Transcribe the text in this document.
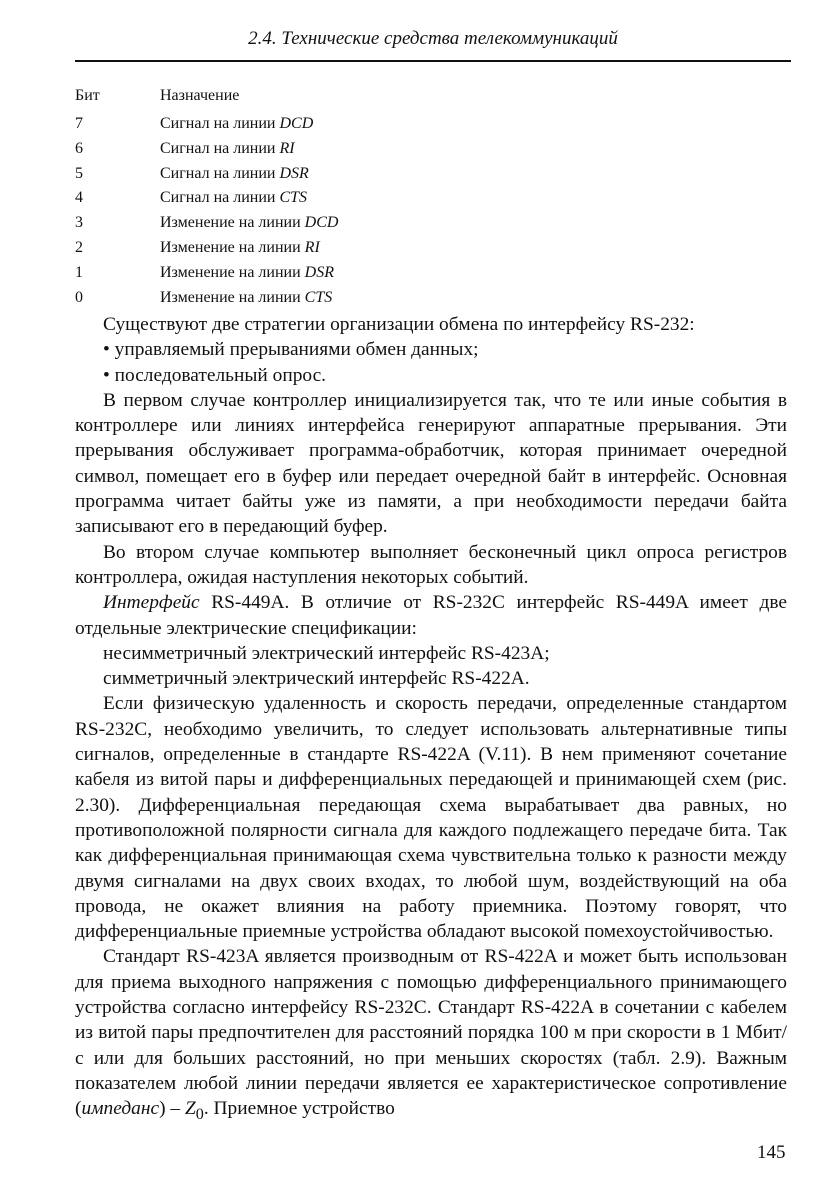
2.4. Технические средства телекоммуникаций
Бит	Назначение
7	Сигнал на линии DCD
6	Сигнал на линии RI
5	Сигнал на линии DSR
4	Сигнал на линии CTS
3	Изменение на линии DCD
2	Изменение на линии RI
1	Изменение на линии DSR
0	Изменение на линии CTS

Существуют две стратегии организации обмена по интерфейсу RS-232:

• управляемый прерываниями обмен данных;

• последовательный опрос.

В первом случае контроллер инициализируется так, что те или иные события в контроллере или линиях интерфейса генерируют аппаратные прерывания. Эти прерывания обслуживает программа-обработчик, которая принимает очередной символ, помещает его в буфер или передает очередной байт в интерфейс. Основная программа читает байты уже из памяти, а при необходимости передачи байта записывают его в передающий буфер.

Во втором случае компьютер выполняет бесконечный цикл опроса регистров контроллера, ожидая наступления некоторых событий.

Интерфейс RS-449A. В отличие от RS-232C интерфейс RS-449A имеет две отдельные электрические спецификации:

несимметричный электрический интерфейс RS-423A;

симметричный электрический интерфейс RS-422A.

Если физическую удаленность и скорость передачи, определенные стандартом RS-232C, необходимо увеличить, то следует использовать альтернативные типы сигналов, определенные в стандарте RS-422A (V.11). В нем применяют сочетание кабеля из витой пары и дифференциальных передающей и принимающей схем (рис. 2.30). Дифференциальная передающая схема вырабатывает два равных, но противоположной полярности сигнала для каждого подлежащего передаче бита. Так как дифференциальная принимающая схема чувствительна только к разности между двумя сигналами на двух своих входах, то любой шум, воздействующий на оба провода, не окажет влияния на работу приемника. Поэтому говорят, что дифференциальные приемные устройства обладают высокой помехоустойчивостью.

Стандарт RS-423A является производным от RS-422A и может быть использован для приема выходного напряжения с помощью дифференциального принимающего устройства согласно интерфейсу RS-232C. Стандарт RS-422A в сочетании с кабелем из витой пары предпочтителен для расстояний порядка 100 м при скорости в 1 Мбит/с или для больших расстояний, но при меньших скоростях (табл. 2.9). Важным показателем любой линии передачи является ее характеристическое сопротивление (импеданс) – $Z_0$. Приемное устройство

145
